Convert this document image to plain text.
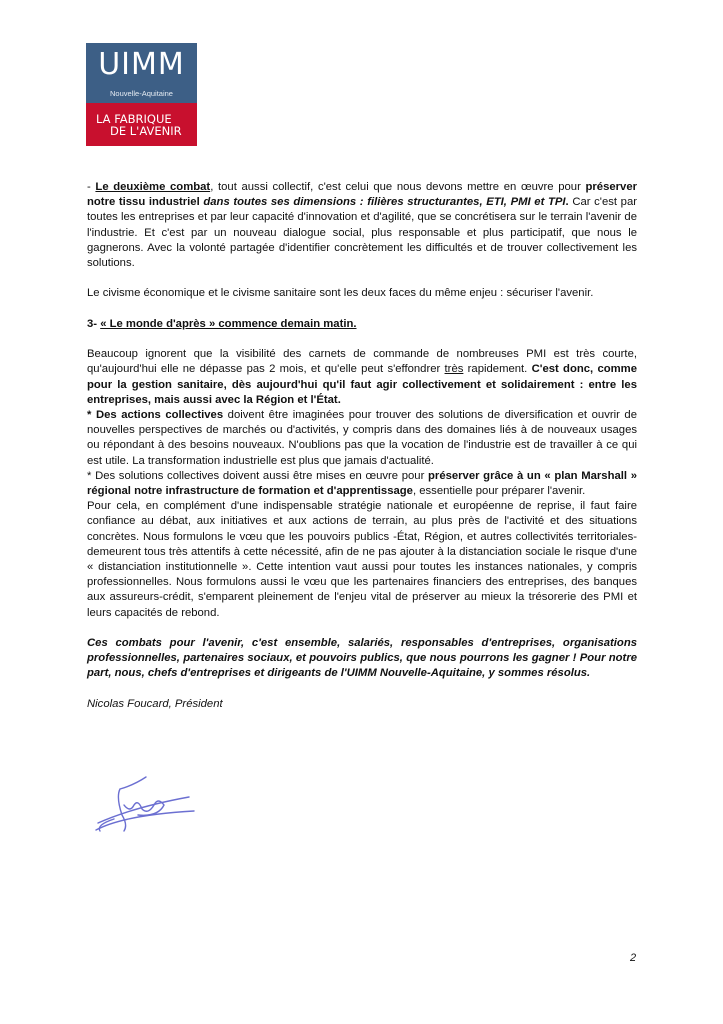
UIMM
Nouvelle-Aquitaine
LA FABRIQUE
DE L'AVENIR

- Le deuxième combat, tout aussi collectif, c'est celui que nous devons mettre en œuvre pour préserver notre tissu industriel dans toutes ses dimensions : filières structurantes, ETI, PMI et TPI. Car c'est par toutes les entreprises et par leur capacité d'innovation et d'agilité, que se concrétisera sur le terrain l'avenir de l'industrie. Et c'est par un nouveau dialogue social, plus responsable et plus participatif, que nous le gagnerons. Avec la volonté partagée d'identifier concrètement les difficultés et de trouver collectivement les solutions.

Le civisme économique et le civisme sanitaire sont les deux faces du même enjeu : sécuriser l'avenir.

3- « Le monde d'après » commence demain matin.

Beaucoup ignorent que la visibilité des carnets de commande de nombreuses PMI est très courte, qu'aujourd'hui elle ne dépasse pas 2 mois, et qu'elle peut s'effondrer très rapidement. C'est donc, comme pour la gestion sanitaire, dès aujourd'hui qu'il faut agir collectivement et solidairement : entre les entreprises, mais aussi avec la Région et l'État.

* Des actions collectives doivent être imaginées pour trouver des solutions de diversification et ouvrir de nouvelles perspectives de marchés ou d'activités, y compris dans des domaines liés à de nouveaux usages ou répondant à des besoins nouveaux. N'oublions pas que la vocation de l'industrie est de travailler à ce qui est utile. La transformation industrielle est plus que jamais d'actualité.

* Des solutions collectives doivent aussi être mises en œuvre pour préserver grâce à un « plan Marshall » régional notre infrastructure de formation et d'apprentissage, essentielle pour préparer l'avenir.

Pour cela, en complément d'une indispensable stratégie nationale et européenne de reprise, il faut faire confiance au débat, aux initiatives et aux actions de terrain, au plus près de l'activité et des situations concrètes. Nous formulons le vœu que les pouvoirs publics -État, Région, et autres collectivités territoriales- demeurent tous très attentifs à cette nécessité, afin de ne pas ajouter à la distanciation sociale le risque d'une « distanciation institutionnelle ». Cette intention vaut aussi pour toutes les instances nationales, y compris professionnelles. Nous formulons aussi le vœu que les partenaires financiers des entreprises, des banques aux assureurs-crédit, s'emparent pleinement de l'enjeu vital de préserver au mieux la trésorerie des PMI et leurs capacités de rebond.

Ces combats pour l'avenir, c'est ensemble, salariés, responsables d'entreprises, organisations professionnelles, partenaires sociaux, et pouvoirs publics, que nous pourrons les gagner ! Pour notre part, nous, chefs d'entreprises et dirigeants de l'UIMM Nouvelle-Aquitaine, y sommes résolus.

Nicolas Foucard, Président

2
